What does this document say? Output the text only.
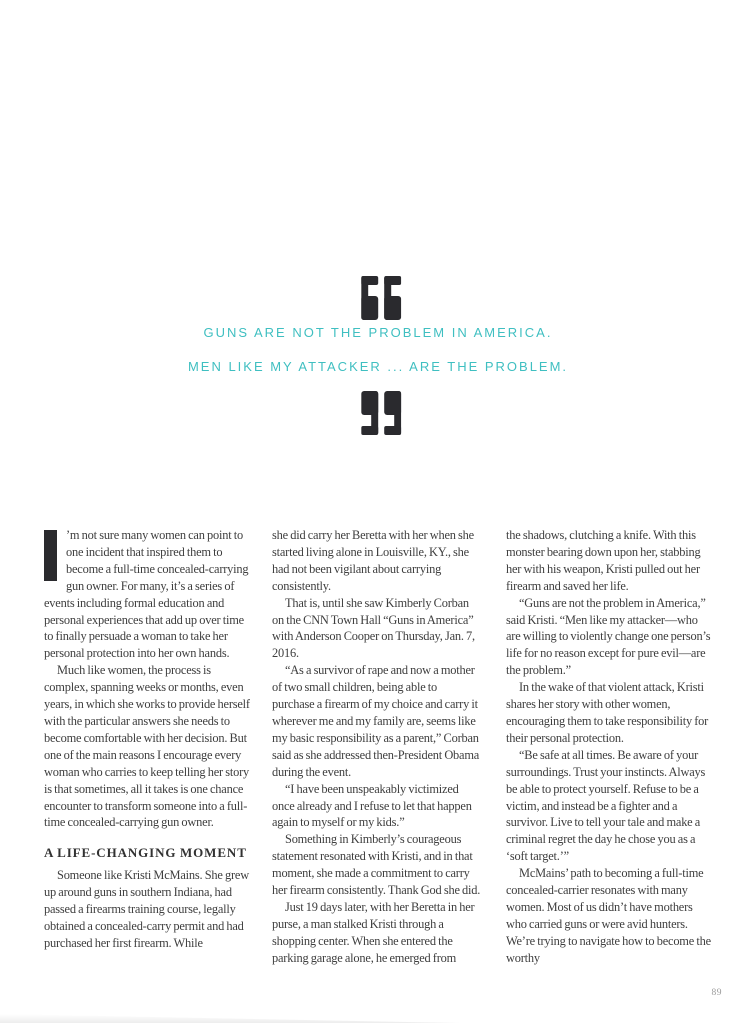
GUNS ARE NOT THE PROBLEM IN AMERICA.

MEN LIKE MY ATTACKER ... ARE THE PROBLEM.

’m not sure many women can point to one incident that inspired them to become a full-time concealed-carrying gun owner. For many, it’s a series of events including formal education and personal experiences that add up over time to finally persuade a woman to take her personal protection into her own hands.

Much like women, the process is complex, spanning weeks or months, even years, in which she works to provide herself with the particular answers she needs to become comfortable with her decision. But one of the main reasons I encourage every woman who carries to keep telling her story is that sometimes, all it takes is one chance encounter to transform someone into a full-time concealed-carrying gun owner.

A LIFE-CHANGING MOMENT

Someone like Kristi McMains. She grew up around guns in southern Indiana, had passed a firearms training course, legally obtained a concealed-carry permit and had purchased her first firearm. While

she did carry her Beretta with her when she started living alone in Louisville, KY., she had not been vigilant about carrying consistently.

That is, until she saw Kimberly Corban on the CNN Town Hall “Guns in America” with Anderson Cooper on Thursday, Jan. 7, 2016.

“As a survivor of rape and now a mother of two small children, being able to purchase a firearm of my choice and carry it wherever me and my family are, seems like my basic responsibility as a parent,” Corban said as she addressed then-President Obama during the event.

“I have been unspeakably victimized once already and I refuse to let that happen again to myself or my kids.”

Something in Kimberly’s courageous statement resonated with Kristi, and in that moment, she made a commitment to carry her firearm consistently. Thank God she did.

Just 19 days later, with her Beretta in her purse, a man stalked Kristi through a shopping center. When she entered the parking garage alone, he emerged from

the shadows, clutching a knife. With this monster bearing down upon her, stabbing her with his weapon, Kristi pulled out her firearm and saved her life.

“Guns are not the problem in America,” said Kristi. “Men like my attacker—who are willing to violently change one person’s life for no reason except for pure evil—are the problem.”

In the wake of that violent attack, Kristi shares her story with other women, encouraging them to take responsibility for their personal protection.

“Be safe at all times. Be aware of your surroundings. Trust your instincts. Always be able to protect yourself. Refuse to be a victim, and instead be a fighter and a survivor. Live to tell your tale and make a criminal regret the day he chose you as a ‘soft target.’”

McMains’ path to becoming a full-time concealed-carrier resonates with many women. Most of us didn’t have mothers who carried guns or were avid hunters. We’re trying to navigate how to become the worthy

89
